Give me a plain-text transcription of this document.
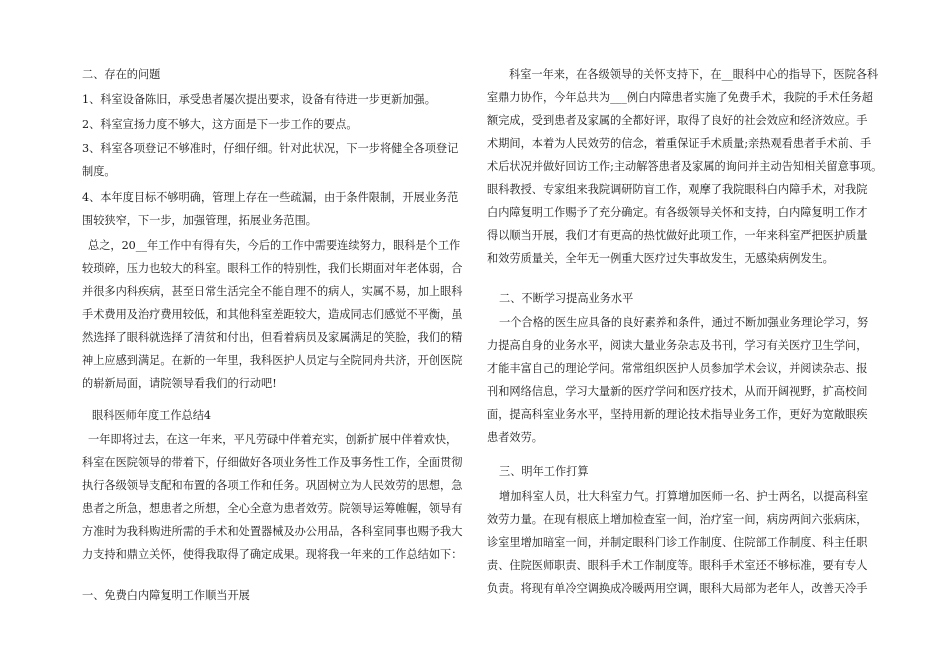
二、存在的问题

1、科室设备陈旧，承受患者屡次提出要求，设备有待进一步更新加强。

2、科室宣扬力度不够大，这方面是下一步工作的要点。

3、科室各项登记不够准时，仔细仔细。针对此状况，下一步将健全各项登记
制度。
4、本年度目标不够明确，管理上存在一些疏漏，由于条件限制，开展业务范
围较狭窄，下一步，加强管理，拓展业务范围。
总之，20__年工作中有得有失，今后的工作中需要连续努力，眼科是个工作
较琐碎，压力也较大的科室。眼科工作的特别性，我们长期面对年老体弱，合
并很多内科疾病，甚至日常生活完全不能自理不的病人，实属不易，加上眼科
手术费用及治疗费用较低，和其他科室差距较大，造成同志们感觉不平衡，虽
然选择了眼科就选择了清贫和付出，但看着病员及家属满足的笑脸，我们的精
神上应感到满足。在新的一年里，我科医护人员定与全院同舟共济，开创医院
的崭新局面，请院领导看我们的行动吧!

眼科医师年度工作总结4

一年即将过去，在这一年来，平凡劳碌中伴着充实，创新扩展中伴着欢快，
科室在医院领导的带着下，仔细做好各项业务性工作及事务性工作，全面贯彻
执行各级领导支配和布置的各项工作和任务。巩固树立为人民效劳的思想，急
患者之所急，想患者之所想，全心全意为患者效劳。院领导运筹帷幄，领导有
方准时为我科购进所需的手术和处置器械及办公用品，各科室同事也赐予我大
力支持和鼎立关怀，使得我取得了确定成果。现将我一年来的工作总结如下：

一、免费白内障复明工作顺当开展

科室一年来，在各级领导的关怀支持下，在__眼科中心的指导下，医院各科
室鼎力协作，今年总共为___例白内障患者实施了免费手术，我院的手术任务超
额完成，受到患者及家属的全都好评，取得了良好的社会效应和经济效应。手
术期间，本着为人民效劳的信念，着重保证手术质量;亲热观看患者手术前、手
术后状况并做好回访工作;主动解答患者及家属的询问并主动告知相关留意事项。
眼科教授、专家组来我院调研防盲工作，观摩了我院眼科白内障手术，对我院
白内障复明工作赐予了充分确定。有各级领导关怀和支持，白内障复明工作才
得以顺当开展，我们才有更高的热忱做好此项工作，一年来科室严把医护质量
和效劳质量关，全年无一例重大医疗过失事故发生，无感染病例发生。

二、不断学习提高业务水平

一个合格的医生应具备的良好素养和条件，通过不断加强业务理论学习，努
力提高自身的业务水平，阅读大量业务杂志及书刊，学习有关医疗卫生学问，
才能丰富自己的理论学问。常常组织医护人员参加学术会议，并阅读杂志、报
刊和网络信息，学习大量新的医疗学问和医疗技术，从而开阔视野，扩高校间
面，提高科室业务水平，坚持用新的理论技术指导业务工作，更好为宽敞眼疾
患者效劳。

三、明年工作打算

增加科室人员，壮大科室力气。打算增加医师一名、护士两名，以提高科室
效劳力量。在现有根底上增加检查室一间，治疗室一间，病房两间六张病床，
诊室里增加暗室一间，并制定眼科门诊工作制度、住院部工作制度、科主任职
责、住院医师职责、眼科手术工作制度等。眼科手术室还不够标准，要有专人
负责。将现有单冷空调换成冷暖两用空调，眼科大局部为老年人，改善天冷手
